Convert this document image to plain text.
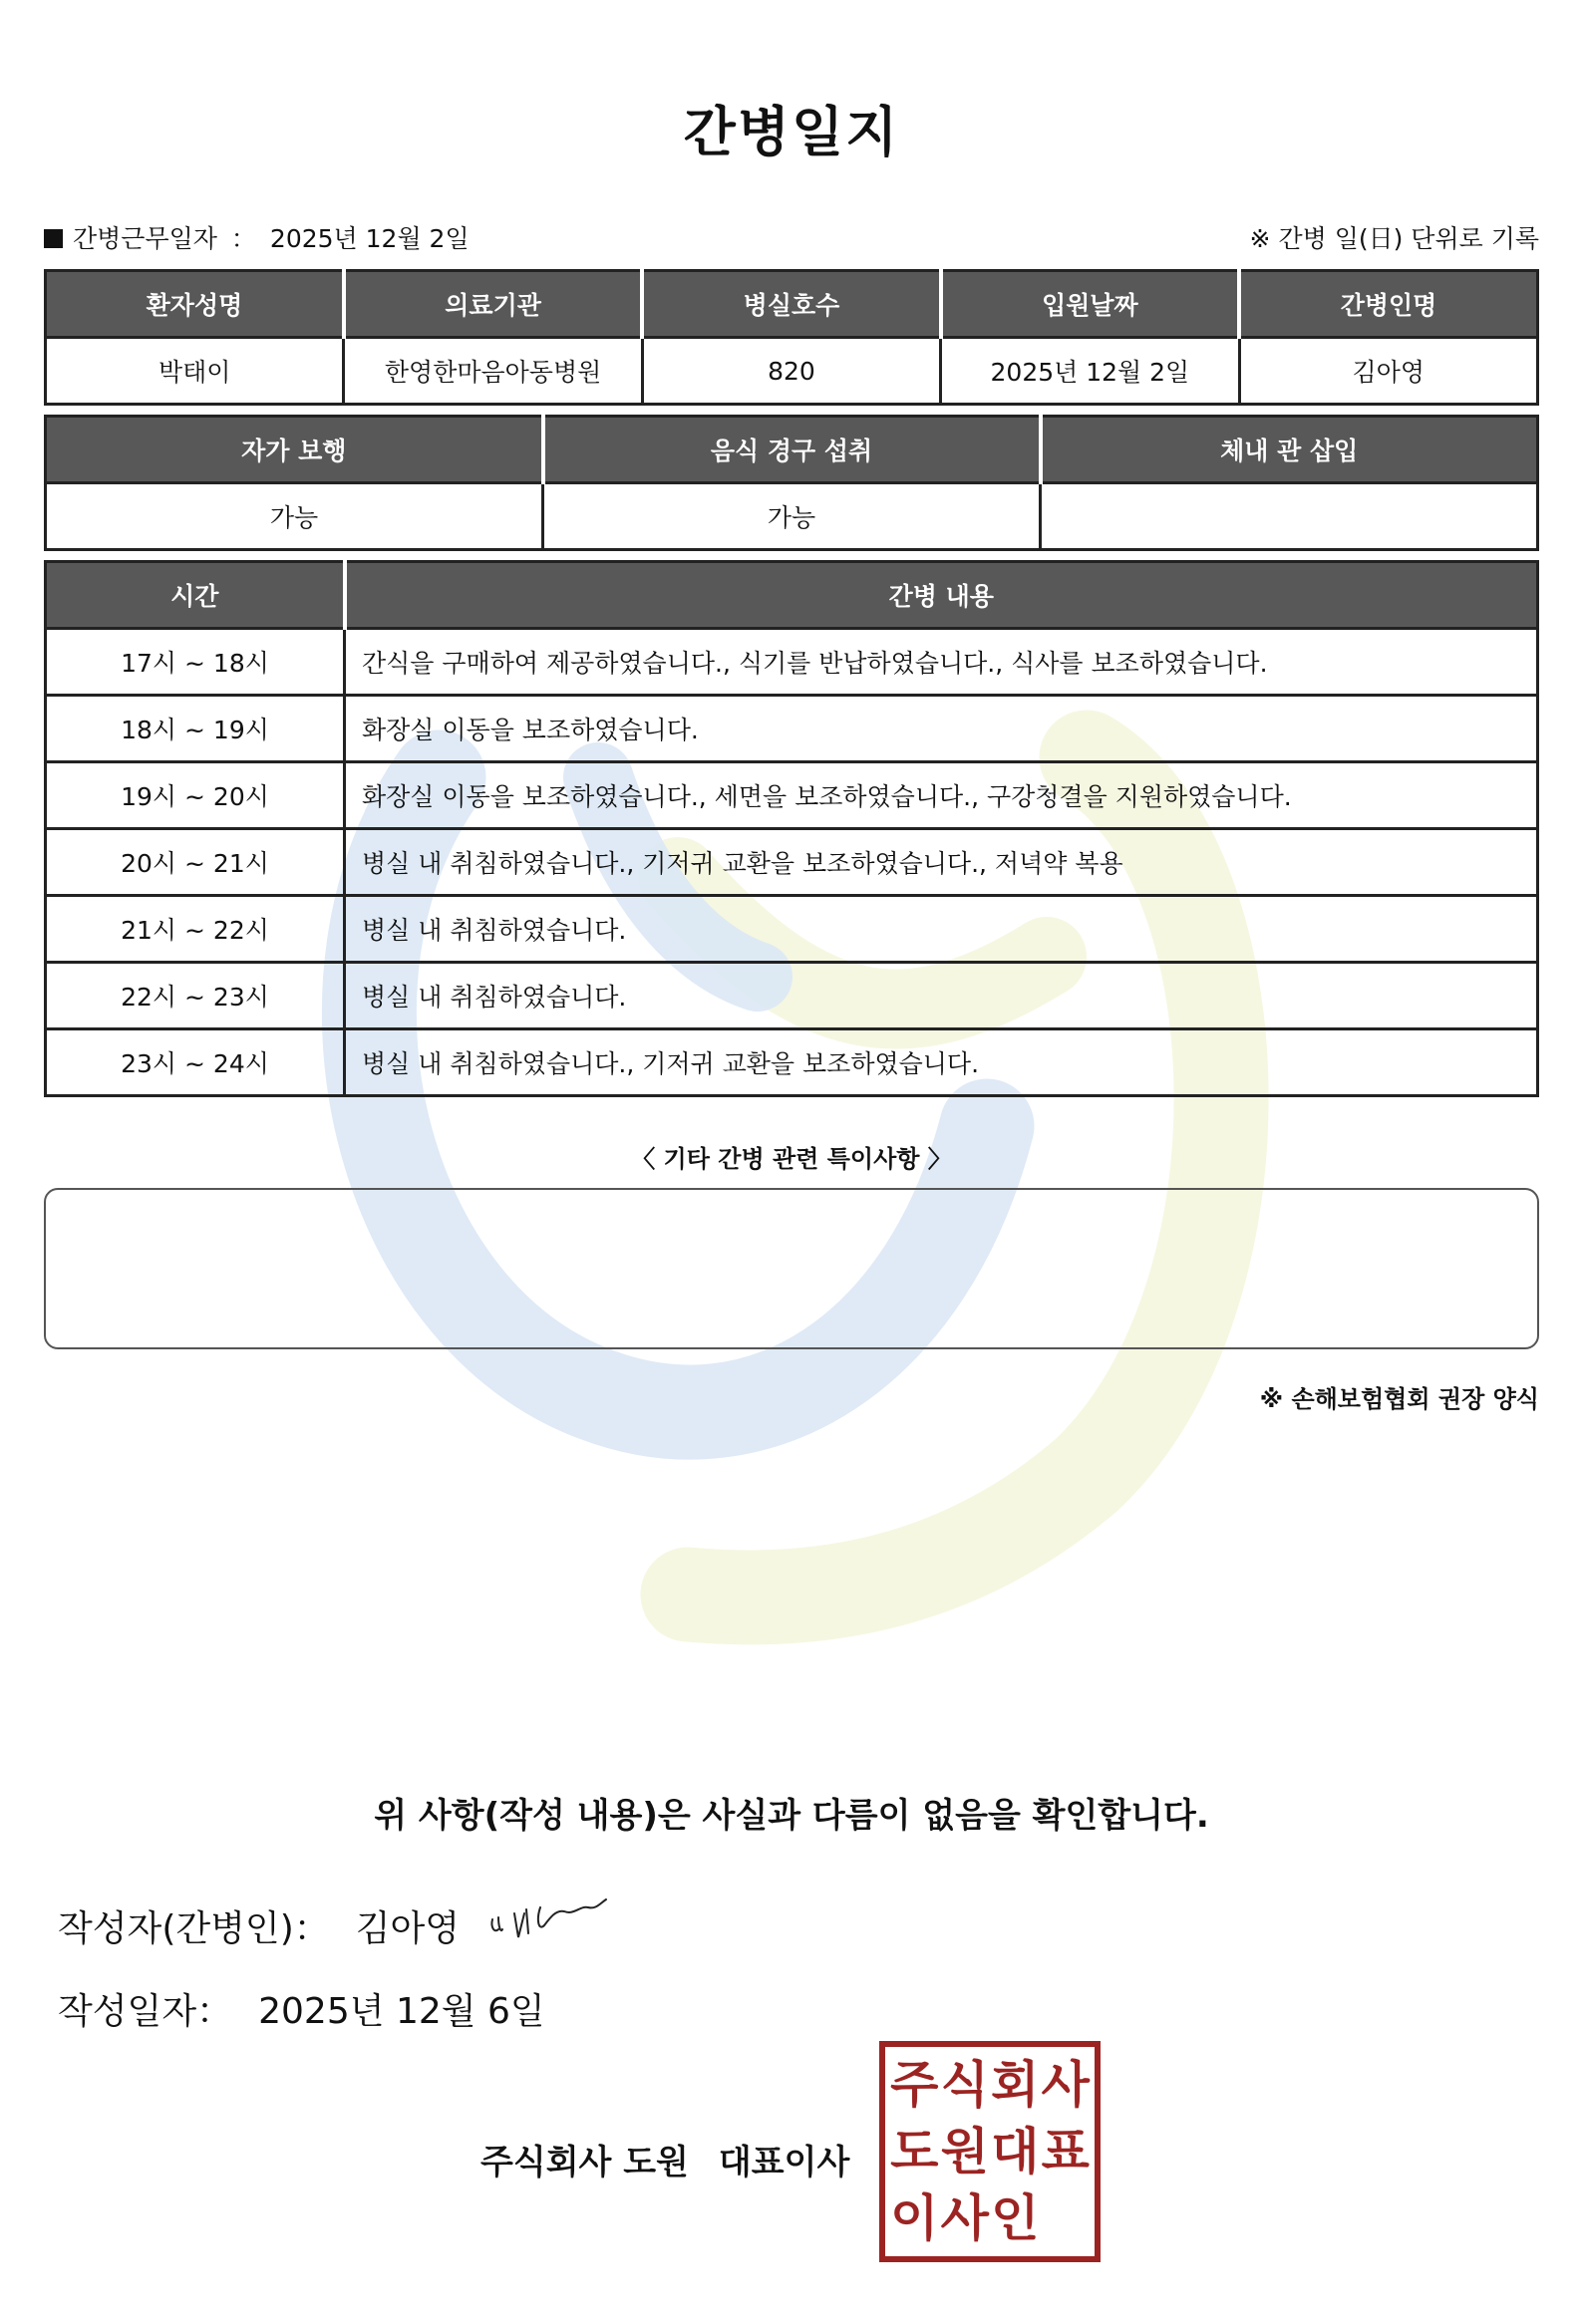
간병일지
간병근무일자 ： 2025년 12월 2일	※ 간병 일(日) 단위로 기록
환자성명	의료기관	병실호수	입원날짜	간병인명
박태이	한영한마음아동병원	820	2025년 12월 2일	김아영
자가 보행	음식 경구 섭취	체내 관 삽입
가능	가능	
시간	간병 내용
17시 ~ 18시	간식을 구매하여 제공하였습니다., 식기를 반납하였습니다., 식사를 보조하였습니다.
18시 ~ 19시	화장실 이동을 보조하였습니다.
19시 ~ 20시	화장실 이동을 보조하였습니다., 세면을 보조하였습니다., 구강청결을 지원하였습니다.
20시 ~ 21시	병실 내 취침하였습니다., 기저귀 교환을 보조하였습니다., 저녁약 복용
21시 ~ 22시	병실 내 취침하였습니다.
22시 ~ 23시	병실 내 취침하였습니다.
23시 ~ 24시	병실 내 취침하였습니다., 기저귀 교환을 보조하였습니다.
〈 기타 간병 관련 특이사항 〉
※ 손해보험협회 권장 양식
위 사항(작성 내용)은 사실과 다름이 없음을 확인합니다.
작성자(간병인)： 김아영
작성일자： 2025년 12월 6일
주식회사 도원 대표이사
주 식 회 사
도 원 대 표
이 사 인
